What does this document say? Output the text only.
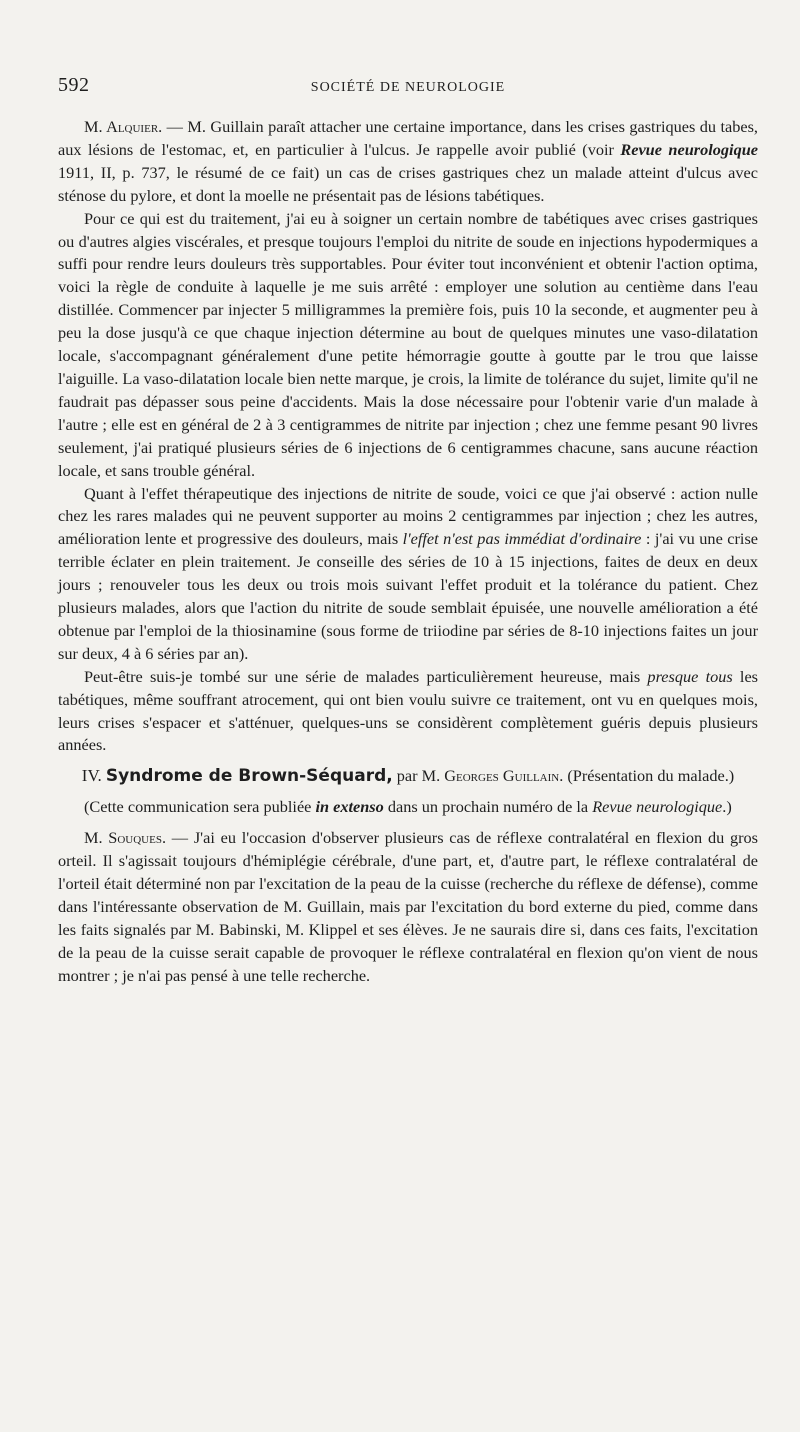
592	SOCIÉTÉ DE NEUROLOGIE

M. Alquier. — M. Guillain paraît attacher une certaine importance, dans les crises gastriques du tabes, aux lésions de l'estomac, et, en particulier à l'ulcus. Je rappelle avoir publié (voir Revue neurologique 1911, II, p. 737, le résumé de ce fait) un cas de crises gastriques chez un malade atteint d'ulcus avec sténose du pylore, et dont la moelle ne présentait pas de lésions tabétiques.

Pour ce qui est du traitement, j'ai eu à soigner un certain nombre de tabétiques avec crises gastriques ou d'autres algies viscérales, et presque toujours l'emploi du nitrite de soude en injections hypodermiques a suffi pour rendre leurs douleurs très supportables. Pour éviter tout inconvénient et obtenir l'action optima, voici la règle de conduite à laquelle je me suis arrêté : employer une solution au centième dans l'eau distillée. Commencer par injecter 5 milligrammes la première fois, puis 10 la seconde, et augmenter peu à peu la dose jusqu'à ce que chaque injection détermine au bout de quelques minutes une vaso-dilatation locale, s'accompagnant généralement d'une petite hémorragie goutte à goutte par le trou que laisse l'aiguille. La vaso-dilatation locale bien nette marque, je crois, la limite de tolérance du sujet, limite qu'il ne faudrait pas dépasser sous peine d'accidents. Mais la dose nécessaire pour l'obtenir varie d'un malade à l'autre ; elle est en général de 2 à 3 centigrammes de nitrite par injection ; chez une femme pesant 90 livres seulement, j'ai pratiqué plusieurs séries de 6 injections de 6 centigrammes chacune, sans aucune réaction locale, et sans trouble général.

Quant à l'effet thérapeutique des injections de nitrite de soude, voici ce que j'ai observé : action nulle chez les rares malades qui ne peuvent supporter au moins 2 centigrammes par injection ; chez les autres, amélioration lente et progressive des douleurs, mais l'effet n'est pas immédiat d'ordinaire : j'ai vu une crise terrible éclater en plein traitement. Je conseille des séries de 10 à 15 injections, faites de deux en deux jours ; renouveler tous les deux ou trois mois suivant l'effet produit et la tolérance du patient. Chez plusieurs malades, alors que l'action du nitrite de soude semblait épuisée, une nouvelle amélioration a été obtenue par l'emploi de la thiosinamine (sous forme de triiodine par séries de 8-10 injections faites un jour sur deux, 4 à 6 séries par an).

Peut-être suis-je tombé sur une série de malades particulièrement heureuse, mais presque tous les tabétiques, même souffrant atrocement, qui ont bien voulu suivre ce traitement, ont vu en quelques mois, leurs crises s'espacer et s'atténuer, quelques-uns se considèrent complètement guéris depuis plusieurs années.

IV. Syndrome de Brown-Séquard, par M. Georges Guillain. (Présentation du malade.)

(Cette communication sera publiée in extenso dans un prochain numéro de la Revue neurologique.)

M. Souques. — J'ai eu l'occasion d'observer plusieurs cas de réflexe contralatéral en flexion du gros orteil. Il s'agissait toujours d'hémiplégie cérébrale, d'une part, et, d'autre part, le réflexe contralatéral de l'orteil était déterminé non par l'excitation de la peau de la cuisse (recherche du réflexe de défense), comme dans l'intéressante observation de M. Guillain, mais par l'excitation du bord externe du pied, comme dans les faits signalés par M. Babinski, M. Klippel et ses élèves. Je ne saurais dire si, dans ces faits, l'excitation de la peau de la cuisse serait capable de provoquer le réflexe contralatéral en flexion qu'on vient de nous montrer ; je n'ai pas pensé à une telle recherche.
